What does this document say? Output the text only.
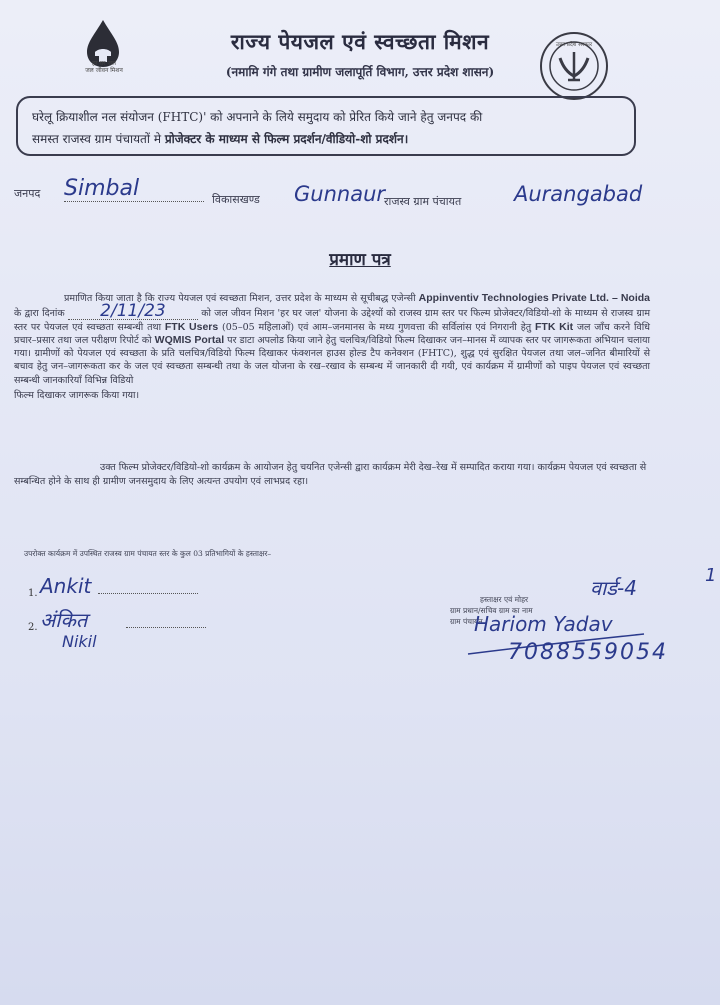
हर घर जल
जल जीवन मिशन
राज्य पेयजल एवं स्वच्छता मिशन
(नमामि गंगे तथा ग्रामीण जलापूर्ति विभाग, उत्तर प्रदेश शासन)
उत्तर प्रदेश सरकार
घरेलू क्रियाशील नल संयोजन (FHTC)' को अपनाने के लिये समुदाय को प्रेरित किये जाने हेतु जनपद की
समस्त राजस्व ग्राम पंचायतों मे प्रोजेक्टर के माध्यम से फिल्म प्रदर्शन/वीडियो-शो प्रदर्शन।
जनपद Simbal	विकासखण्ड Gunnaur
राजस्व ग्राम पंचायत	Aurangabad
प्रमाण पत्र

प्रमाणित किया जाता है कि राज्य पेयजल एवं स्वच्छता मिशन, उत्तर प्रदेश के माध्यम से सूचीबद्ध एजेन्सी Appinventiv Technologies Private Ltd. – Noida के द्वारा दिनांक 2/11/23	को जल जीवन मिशन 'हर घर जल' योजना के उद्देश्यों को राजस्व ग्राम स्तर पर फिल्म प्रोजेक्टर/विडियो-शो के माध्यम से राजस्व ग्राम स्तर पर पेयजल एवं स्वच्छता सम्बन्धी तथा FTK Users (05–05 महिलाओं) एवं आम–जनमानस के मध्य गुणवत्ता की सर्विलांस एवं निगरानी हेतु FTK Kit जल जाँच करने विधि प्रचार–प्रसार तथा जल परीक्षण रिपोर्ट को WQMIS Portal पर डाटा अपलोड किया जाने हेतु चलचित्र/विडियो फिल्म दिखाकर जन–मानस में व्यापक स्तर पर जागरूकता अभियान चलाया गया। ग्रामीणों को पेयजल एवं स्वच्छता के प्रति चलचित्र/विडियो फिल्म दिखाकर फंक्शनल हाउस होल्ड टैप कनेक्शन (FHTC), शुद्ध एवं सुरक्षित पेयजल तथा जल–जनित बीमारियों से बचाव हेतु जन–जागरूकता कर के जल एवं स्वच्छता सम्बन्धी तथा के जल योजना के रख–रखाव के सम्बन्ध में जानकारी दी गयी, एवं कार्यक्रम में ग्रामीणों को पाइप पेयजल एवं स्वच्छता सम्बन्धी जानकारियाँ विभिन्न विडियो

फिल्म दिखाकर जागरूक किया गया।

उक्त फिल्म प्रोजेक्टर/विडियो-शो कार्यक्रम के आयोजन हेतु चयनित एजेन्सी द्वारा कार्यक्रम मेरी देख–रेख में सम्पादित कराया गया। कार्यक्रम पेयजल एवं स्वच्छता से सम्बन्धित होने के साथ ही ग्रामीण जनसमुदाय के लिए अत्यन्त उपयोग एवं लाभप्रद रहा।
उपरोक्त कार्यक्रम में उपस्थित राजस्व ग्राम पंचायत स्तर के कुल 03 प्रतिभागियों के हस्ताक्षर–
1. Ankit
2. अंकित
Nikil
हस्ताक्षर एवं मोहर
ग्राम प्रधान/सचिव ग्राम का नाम
ग्राम पंचायत
वार्ड-4
1
Hariom Yadav
7088559054
